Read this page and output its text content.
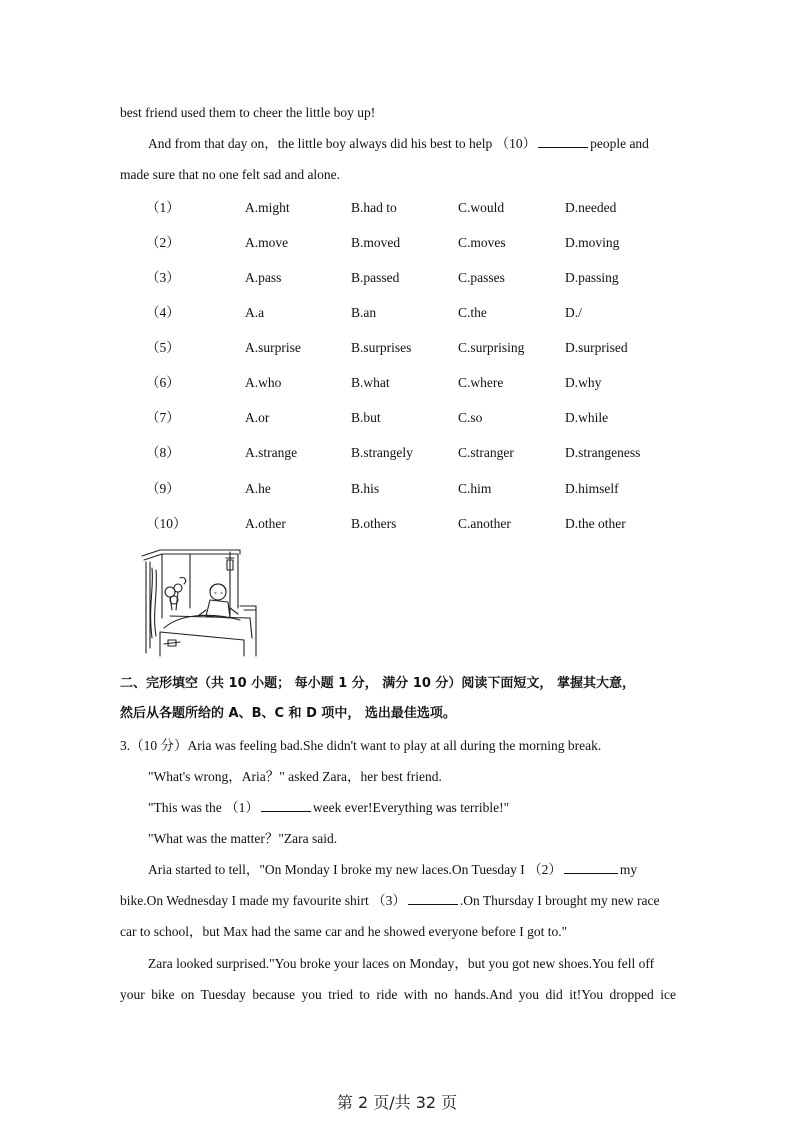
best friend used them to cheer the little boy up!
And from that day on，the little boy always did his best to help （10）	people and
made sure that no one felt sad and alone.
（1）	A.might	B.had to	C.would	D.needed
（2）	A.move	B.moved	C.moves	D.moving
（3）	A.pass	B.passed	C.passes	D.passing
（4）	A.a	B.an	C.the	D./
（5）	A.surprise	B.surprises	C.surprising	D.surprised
（6）	A.who	B.what	C.where	D.why
（7）	A.or	B.but	C.so	D.while
（8）	A.strange	B.strangely	C.stranger	D.strangeness
（9）	A.he	B.his	C.him	D.himself
（10）	A.other	B.others	C.another	D.the other
二、完形填空（共 10 小题； 每小题 1 分， 满分 10 分）阅读下面短文， 掌握其大意，
然后从各题所给的 A、B、C 和 D 项中， 选出最佳选项。
3.（10 分）Aria was feeling bad.She didn't want to play at all during the morning break.
"What's wrong，Aria？" asked Zara，her best friend.
"This was the （1）	week ever!Everything was terrible!"
"What was the matter？"Zara said.
Aria started to tell，"On Monday I broke my new laces.On Tuesday I （2）	my
bike.On Wednesday I made my favourite shirt （3）	.On Thursday I brought my new race
car to school，but Max had the same car and he showed everyone before I got to."
Zara looked surprised."You broke your laces on Monday，but you got new shoes.You fell off
your bike on Tuesday because you tried to ride with no hands.And you did it!You dropped ice
第 2 页/共 32 页
